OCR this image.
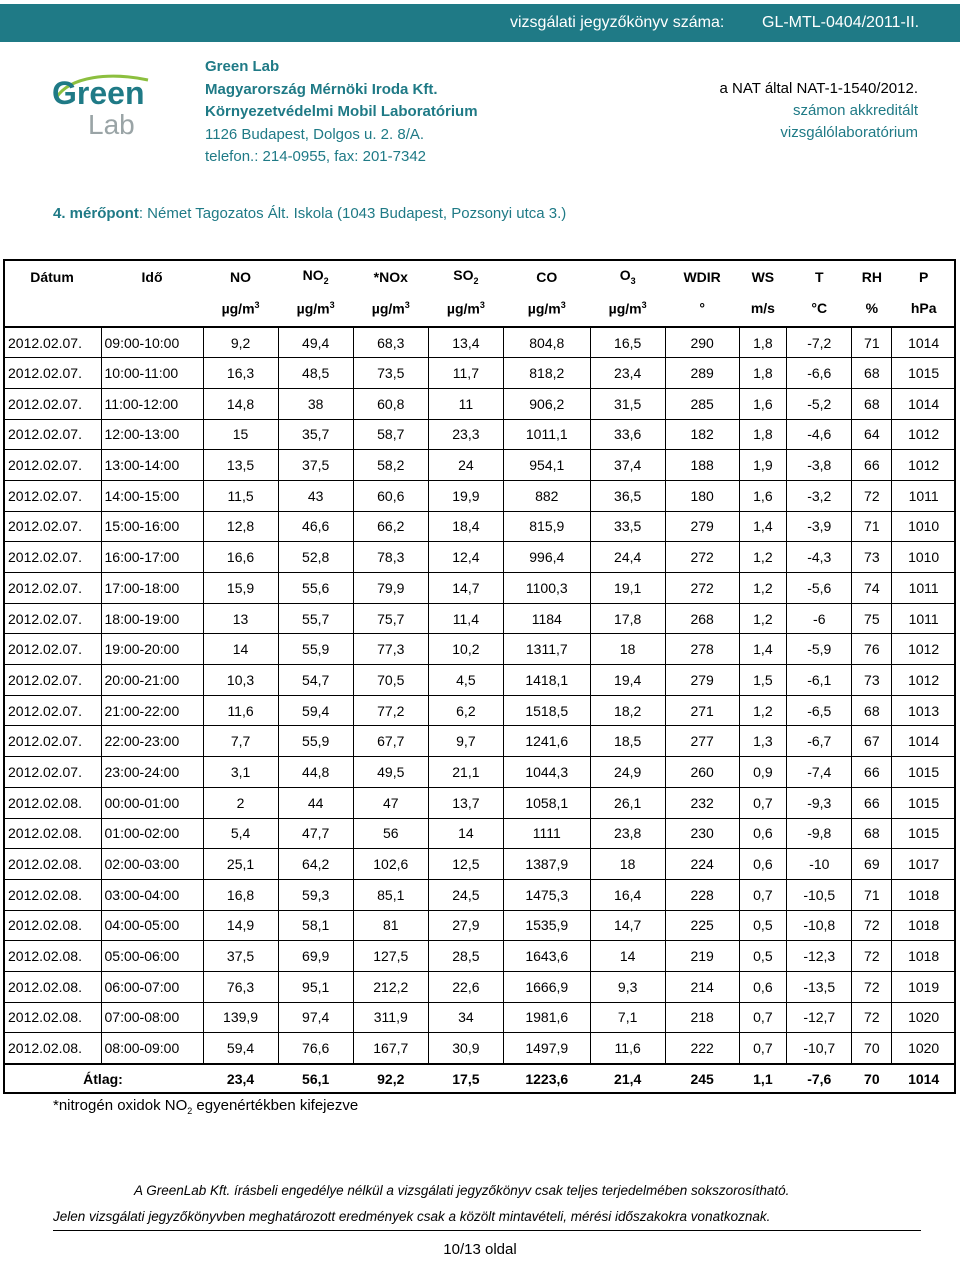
vizsgálati jegyzőkönyv száma: GL-MTL-0404/2011-II.
Green
Lab
Green Lab
Magyarország Mérnöki Iroda Kft.
Környezetvédelmi Mobil Laboratórium
1126 Budapest, Dolgos u. 2. 8/A.
telefon.: 214-0955, fax: 201-7342
a NAT által NAT-1-1540/2012.
számon akkreditált
vizsgálólaboratórium
4. mérőpont: Német Tagozatos Ált. Iskola (1043 Budapest, Pozsonyi utca 3.)
Dátum	Idő	NO	$NO_2$	*NOx	$SO_2$	CO	$O_3$	WDIR	WS	T	RH	P
		$\mu g/m^3$	$\mu g/m^3$	$\mu g/m^3$	$\mu g/m^3$	$\mu g/m^3$	$\mu g/m^3$	°	m/s	°C	%	hPa
2012.02.07.	09:00-10:00	9,2	49,4	68,3	13,4	804,8	16,5	290	1,8	-7,2	71	1014
2012.02.07.	10:00-11:00	16,3	48,5	73,5	11,7	818,2	23,4	289	1,8	-6,6	68	1015
2012.02.07.	11:00-12:00	14,8	38	60,8	11	906,2	31,5	285	1,6	-5,2	68	1014
2012.02.07.	12:00-13:00	15	35,7	58,7	23,3	1011,1	33,6	182	1,8	-4,6	64	1012
2012.02.07.	13:00-14:00	13,5	37,5	58,2	24	954,1	37,4	188	1,9	-3,8	66	1012
2012.02.07.	14:00-15:00	11,5	43	60,6	19,9	882	36,5	180	1,6	-3,2	72	1011
2012.02.07.	15:00-16:00	12,8	46,6	66,2	18,4	815,9	33,5	279	1,4	-3,9	71	1010
2012.02.07.	16:00-17:00	16,6	52,8	78,3	12,4	996,4	24,4	272	1,2	-4,3	73	1010
2012.02.07.	17:00-18:00	15,9	55,6	79,9	14,7	1100,3	19,1	272	1,2	-5,6	74	1011
2012.02.07.	18:00-19:00	13	55,7	75,7	11,4	1184	17,8	268	1,2	-6	75	1011
2012.02.07.	19:00-20:00	14	55,9	77,3	10,2	1311,7	18	278	1,4	-5,9	76	1012
2012.02.07.	20:00-21:00	10,3	54,7	70,5	4,5	1418,1	19,4	279	1,5	-6,1	73	1012
2012.02.07.	21:00-22:00	11,6	59,4	77,2	6,2	1518,5	18,2	271	1,2	-6,5	68	1013
2012.02.07.	22:00-23:00	7,7	55,9	67,7	9,7	1241,6	18,5	277	1,3	-6,7	67	1014
2012.02.07.	23:00-24:00	3,1	44,8	49,5	21,1	1044,3	24,9	260	0,9	-7,4	66	1015
2012.02.08.	00:00-01:00	2	44	47	13,7	1058,1	26,1	232	0,7	-9,3	66	1015
2012.02.08.	01:00-02:00	5,4	47,7	56	14	1111	23,8	230	0,6	-9,8	68	1015
2012.02.08.	02:00-03:00	25,1	64,2	102,6	12,5	1387,9	18	224	0,6	-10	69	1017
2012.02.08.	03:00-04:00	16,8	59,3	85,1	24,5	1475,3	16,4	228	0,7	-10,5	71	1018
2012.02.08.	04:00-05:00	14,9	58,1	81	27,9	1535,9	14,7	225	0,5	-10,8	72	1018
2012.02.08.	05:00-06:00	37,5	69,9	127,5	28,5	1643,6	14	219	0,5	-12,3	72	1018
2012.02.08.	06:00-07:00	76,3	95,1	212,2	22,6	1666,9	9,3	214	0,6	-13,5	72	1019
2012.02.08.	07:00-08:00	139,9	97,4	311,9	34	1981,6	7,1	218	0,7	-12,7	72	1020
2012.02.08.	08:00-09:00	59,4	76,6	167,7	30,9	1497,9	11,6	222	0,7	-10,7	70	1020
Átlag:		23,4	56,1	92,2	17,5	1223,6	21,4	245	1,1	-7,6	70	1014
*nitrogén oxidok $NO_2$ egyenértékben kifejezve
A GreenLab Kft. írásbeli engedélye nélkül a vizsgálati jegyzőkönyv csak teljes terjedelmében sokszorosítható.
Jelen vizsgálati jegyzőkönyvben meghatározott eredmények csak a közölt mintavételi, mérési időszakokra vonatkoznak.
10/13 oldal
